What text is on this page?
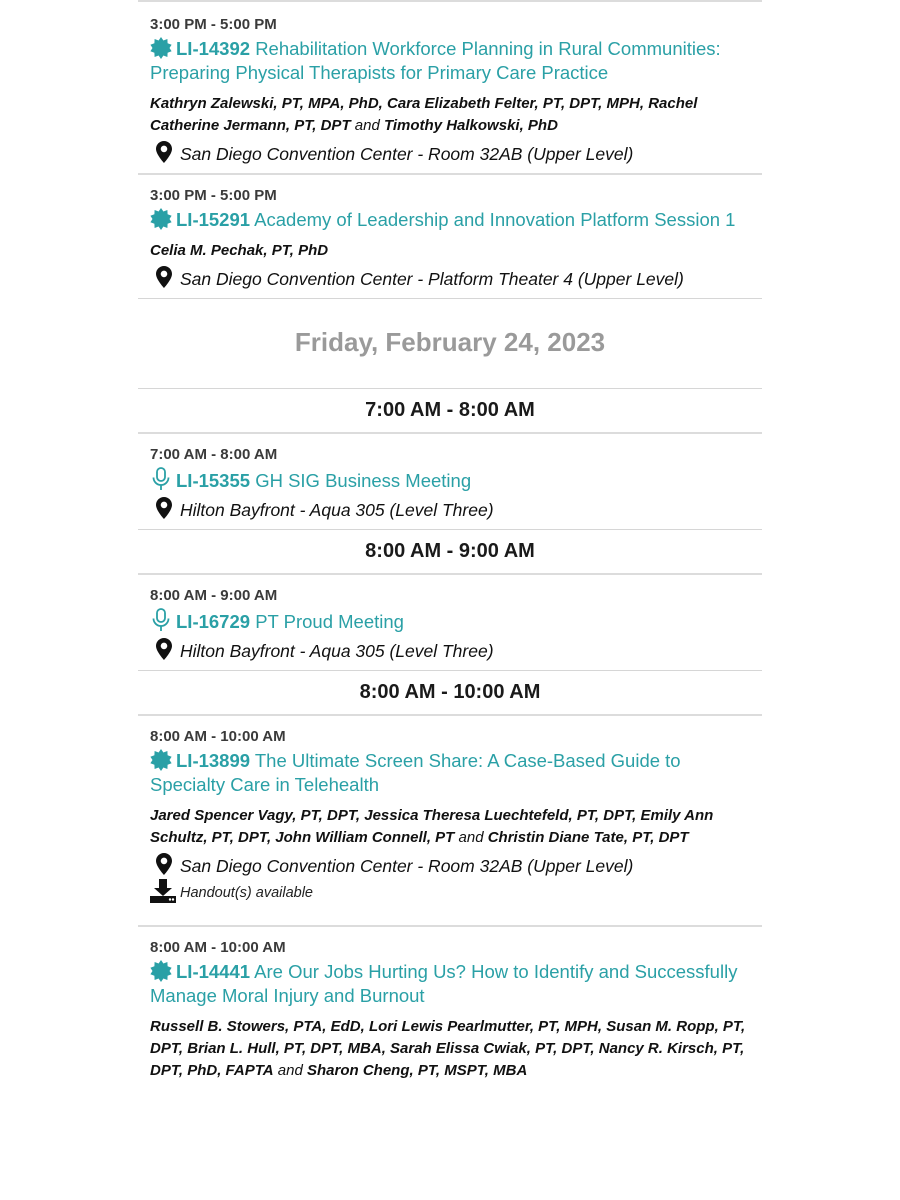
3:00 PM - 5:00 PM
LI-14392 Rehabilitation Workforce Planning in Rural Communities: Preparing Physical Therapists for Primary Care Practice
Kathryn Zalewski, PT, MPA, PhD, Cara Elizabeth Felter, PT, DPT, MPH, Rachel Catherine Jermann, PT, DPT and Timothy Halkowski, PhD
San Diego Convention Center - Room 32AB (Upper Level)
3:00 PM - 5:00 PM
LI-15291 Academy of Leadership and Innovation Platform Session 1
Celia M. Pechak, PT, PhD
San Diego Convention Center - Platform Theater 4 (Upper Level)
Friday, February 24, 2023
7:00 AM - 8:00 AM
7:00 AM - 8:00 AM
LI-15355 GH SIG Business Meeting
Hilton Bayfront - Aqua 305 (Level Three)
8:00 AM - 9:00 AM
8:00 AM - 9:00 AM
LI-16729 PT Proud Meeting
Hilton Bayfront - Aqua 305 (Level Three)
8:00 AM - 10:00 AM
8:00 AM - 10:00 AM
LI-13899 The Ultimate Screen Share: A Case-Based Guide to Specialty Care in Telehealth
Jared Spencer Vagy, PT, DPT, Jessica Theresa Luechtefeld, PT, DPT, Emily Ann Schultz, PT, DPT, John William Connell, PT and Christin Diane Tate, PT, DPT
San Diego Convention Center - Room 32AB (Upper Level)
Handout(s) available
8:00 AM - 10:00 AM
LI-14441 Are Our Jobs Hurting Us? How to Identify and Successfully Manage Moral Injury and Burnout
Russell B. Stowers, PTA, EdD, Lori Lewis Pearlmutter, PT, MPH, Susan M. Ropp, PT, DPT, Brian L. Hull, PT, DPT, MBA, Sarah Elissa Cwiak, PT, DPT, Nancy R. Kirsch, PT, DPT, PhD, FAPTA and Sharon Cheng, PT, MSPT, MBA
